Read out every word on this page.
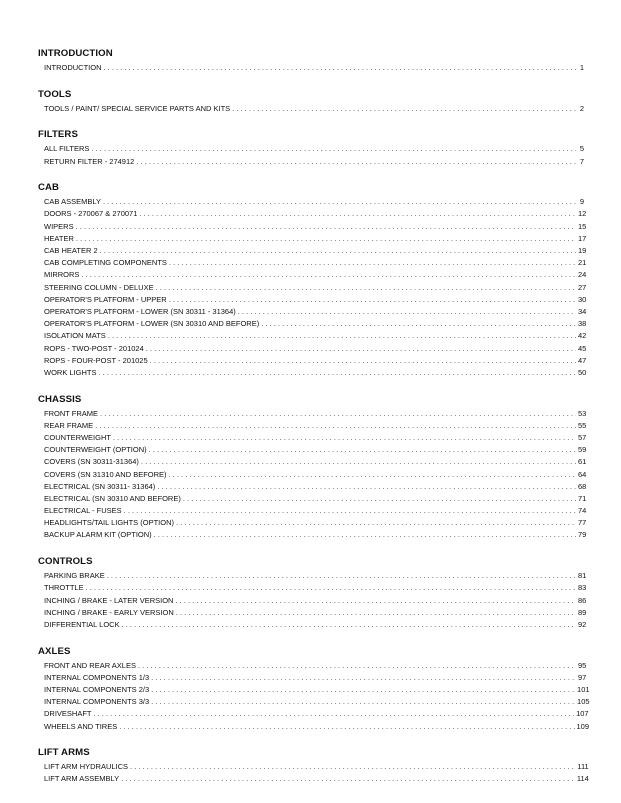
INTRODUCTION
INTRODUCTION . . .	1
TOOLS
TOOLS / PAINT/ SPECIAL SERVICE PARTS AND KITS . . .	2
FILTERS
ALL FILTERS . . .	5
RETURN FILTER - 274912 . . .	7
CAB
CAB ASSEMBLY . . .	9
DOORS - 270067 & 270071 . . .	12
WIPERS . . .	15
HEATER . . .	17
CAB HEATER 2 . . .	19
CAB COMPLETING COMPONENTS . . .	21
MIRRORS . . .	24
STEERING COLUMN - DELUXE . . .	27
OPERATOR'S PLATFORM - UPPER . . .	30
OPERATOR'S PLATFORM - LOWER (SN 30311 - 31364) . . .	34
OPERATOR'S PLATFORM - LOWER (SN 30310 AND BEFORE) . . .	38
ISOLATION MATS . . .	42
ROPS - TWO-POST - 201024 . . .	45
ROPS - FOUR-POST - 201025 . . .	47
WORK LIGHTS . . .	50
CHASSIS
FRONT FRAME . . .	53
REAR FRAME . . .	55
COUNTERWEIGHT . . .	57
COUNTERWEIGHT (OPTION) . . .	59
COVERS (SN 30311-31364) . . .	61
COVERS (SN 31310 AND BEFORE) . . .	64
ELECTRICAL (SN 30311- 31364) . . .	68
ELECTRICAL (SN 30310 AND BEFORE) . . .	71
ELECTRICAL - FUSES . . .	74
HEADLIGHTS/TAIL LIGHTS (OPTION) . . .	77
BACKUP ALARM KIT (OPTION) . . .	79
CONTROLS
PARKING BRAKE . . .	81
THROTTLE . . .	83
INCHING / BRAKE - LATER VERSION . . .	86
INCHING / BRAKE - EARLY VERSION . . .	89
DIFFERENTIAL LOCK . . .	92
AXLES
FRONT AND REAR AXLES . . .	95
INTERNAL COMPONENTS 1/3 . . .	97
INTERNAL COMPONENTS 2/3 . . .	101
INTERNAL COMPONENTS 3/3 . . .	105
DRIVESHAFT . . .	107
WHEELS AND TIRES . . .	109
LIFT ARMS
LIFT ARM HYDRAULICS . . .	111
LIFT ARM ASSEMBLY . . .	114
